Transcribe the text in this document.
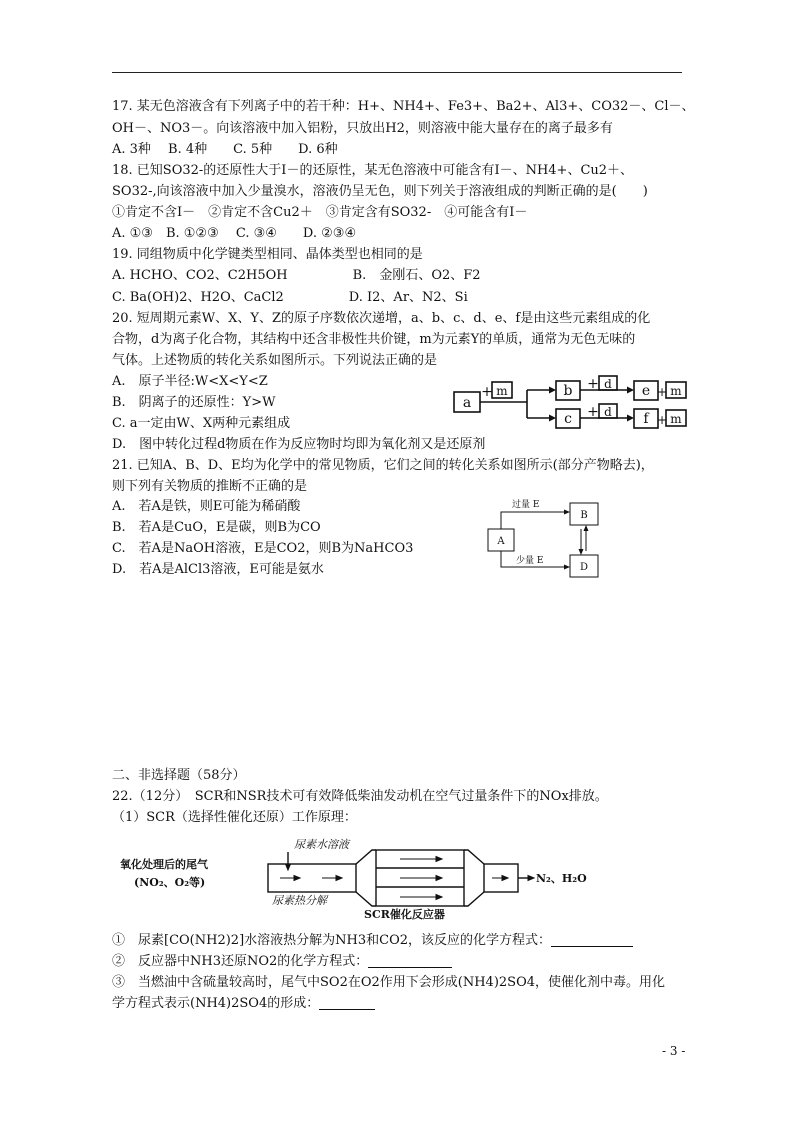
17. 某无色溶液含有下列离子中的若干种：H+、NH4+、Fe3+、Ba2+、Al3+、CO32－、Cl－、
OH－、NO3－。向该溶液中加入铝粉，只放出H2，则溶液中能大量存在的离子最多有
A. 3种　 B. 4种　　C. 5种　　D. 6种
18. 已知SO32-的还原性大于I－的还原性，某无色溶液中可能含有I－、NH4+、Cu2＋、
SO32-,向该溶液中加入少量溴水，溶液仍呈无色，则下列关于溶液组成的判断正确的是(　　)
①肯定不含I－　②肯定不含Cu2＋　③肯定含有SO32-　④可能含有I－
A. ①③　B. ①②③　 C. ③④　　D. ②③④
19. 同组物质中化学键类型相同、晶体类型也相同的是
A. HCHO、CO2、C2H5OH　　　　　B.　金刚石、O2、F2
C. Ba(OH)2、H2O、CaCl2　　　　　D. I2、Ar、N2、Si
20. 短周期元素W、X、Y、Z的原子序数依次递增，a、b、c、d、e、f是由这些元素组成的化
合物，d为离子化合物，其结构中还含非极性共价键，m为元素Y的单质，通常为无色无味的
气体。上述物质的转化关系如图所示。下列说法正确的是
A.　原子半径:W<X<Y<Z
B.　阴离子的还原性：Y>W
C. a一定由W、X两种元素组成
D.　图中转化过程d物质在作为反应物时均即为氧化剂又是还原剂
21. 已知A、B、D、E均为化学中的常见物质，它们之间的转化关系如图所示(部分产物略去)，
则下列有关物质的推断不正确的是
A.　若A是铁，则E可能为稀硝酸
B.　若A是CuO，E是碳，则B为CO
C.　若A是NaOH溶液，E是CO2，则B为NaHCO3
D.　若A是AlCl3溶液，E可能是氨水
二、非选择题（58分）
22.（12分）　SCR和NSR技术可有效降低柴油发动机在空气过量条件下的NOx排放。
（1）SCR（选择性催化还原）工作原理：
①　尿素[CO(NH2)2]水溶液热分解为NH3和CO2，该反应的化学方程式：
②　反应器中NH3还原NO2的化学方程式：
③　当燃油中含硫量较高时，尾气中SO2在O2作用下会形成(NH4)2SO4，使催化剂中毒。用化
学方程式表示(NH4)2SO4的形成：
a
+ m	b
c
+
+
d
d
e
f
+
+
m
m
过量 E
少量 E
A
B
D
氧化处理后的尾气
(NO₂、O₂等)
尿素水溶液
尿素热分解
SCR催化反应器
N₂、H₂O
- 3 -
